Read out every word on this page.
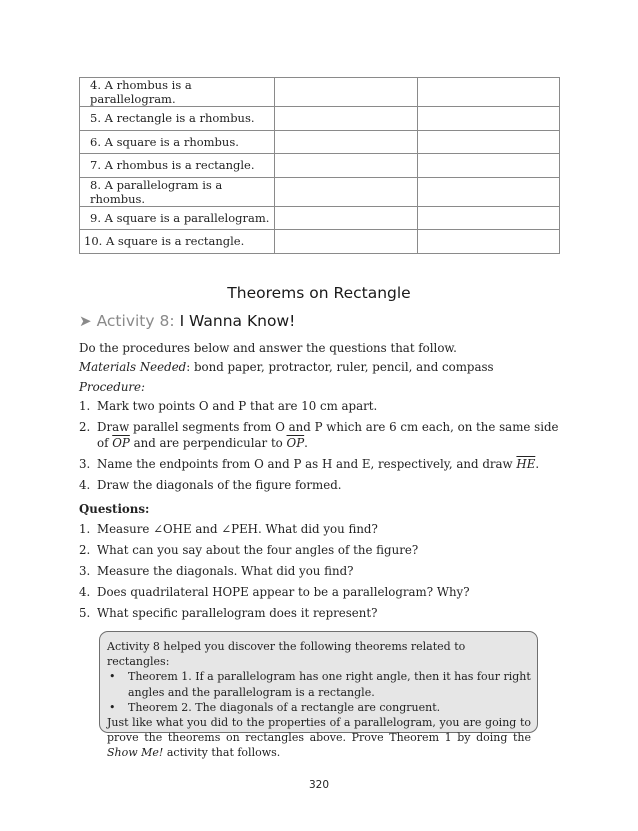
4. A rhombus is a parallelogram.		
5. A rectangle is a rhombus.		
6. A square is a rhombus.		
7. A rhombus is a rectangle.		
8. A parallelogram is a rhombus.		
9. A square is a parallelogram.		
10. A square is a rectangle.		
Theorems on Rectangle
➤ Activity 8: I Wanna Know!
Do the procedures below and answer the questions that follow.
Materials Needed: bond paper, protractor, ruler, pencil, and compass
Procedure:
1. Mark two points O and P that are 10 cm apart.
2. Draw parallel segments from O and P which are 6 cm each, on the same side of $\overline{OP}$ and are perpendicular to $\overline{OP}$.
3. Name the endpoints from O and P as H and E, respectively, and draw $\overline{HE}$.
4. Draw the diagonals of the figure formed.
Questions:
1. Measure ∠OHE and ∠PEH. What did you find?
2. What can you say about the four angles of the figure?
3. Measure the diagonals. What did you find?
4. Does quadrilateral HOPE appear to be a parallelogram? Why?
5. What specific parallelogram does it represent?
Activity 8 helped you discover the following theorems related to rectangles:
•	Theorem 1. If a parallelogram has one right angle, then it has four right angles and the parallelogram is a rectangle.
•	Theorem 2. The diagonals of a rectangle are congruent.
Just like what you did to the properties of a parallelogram, you are going to prove the theorems on rectangles above. Prove Theorem 1 by doing the Show Me! activity that follows.
320
